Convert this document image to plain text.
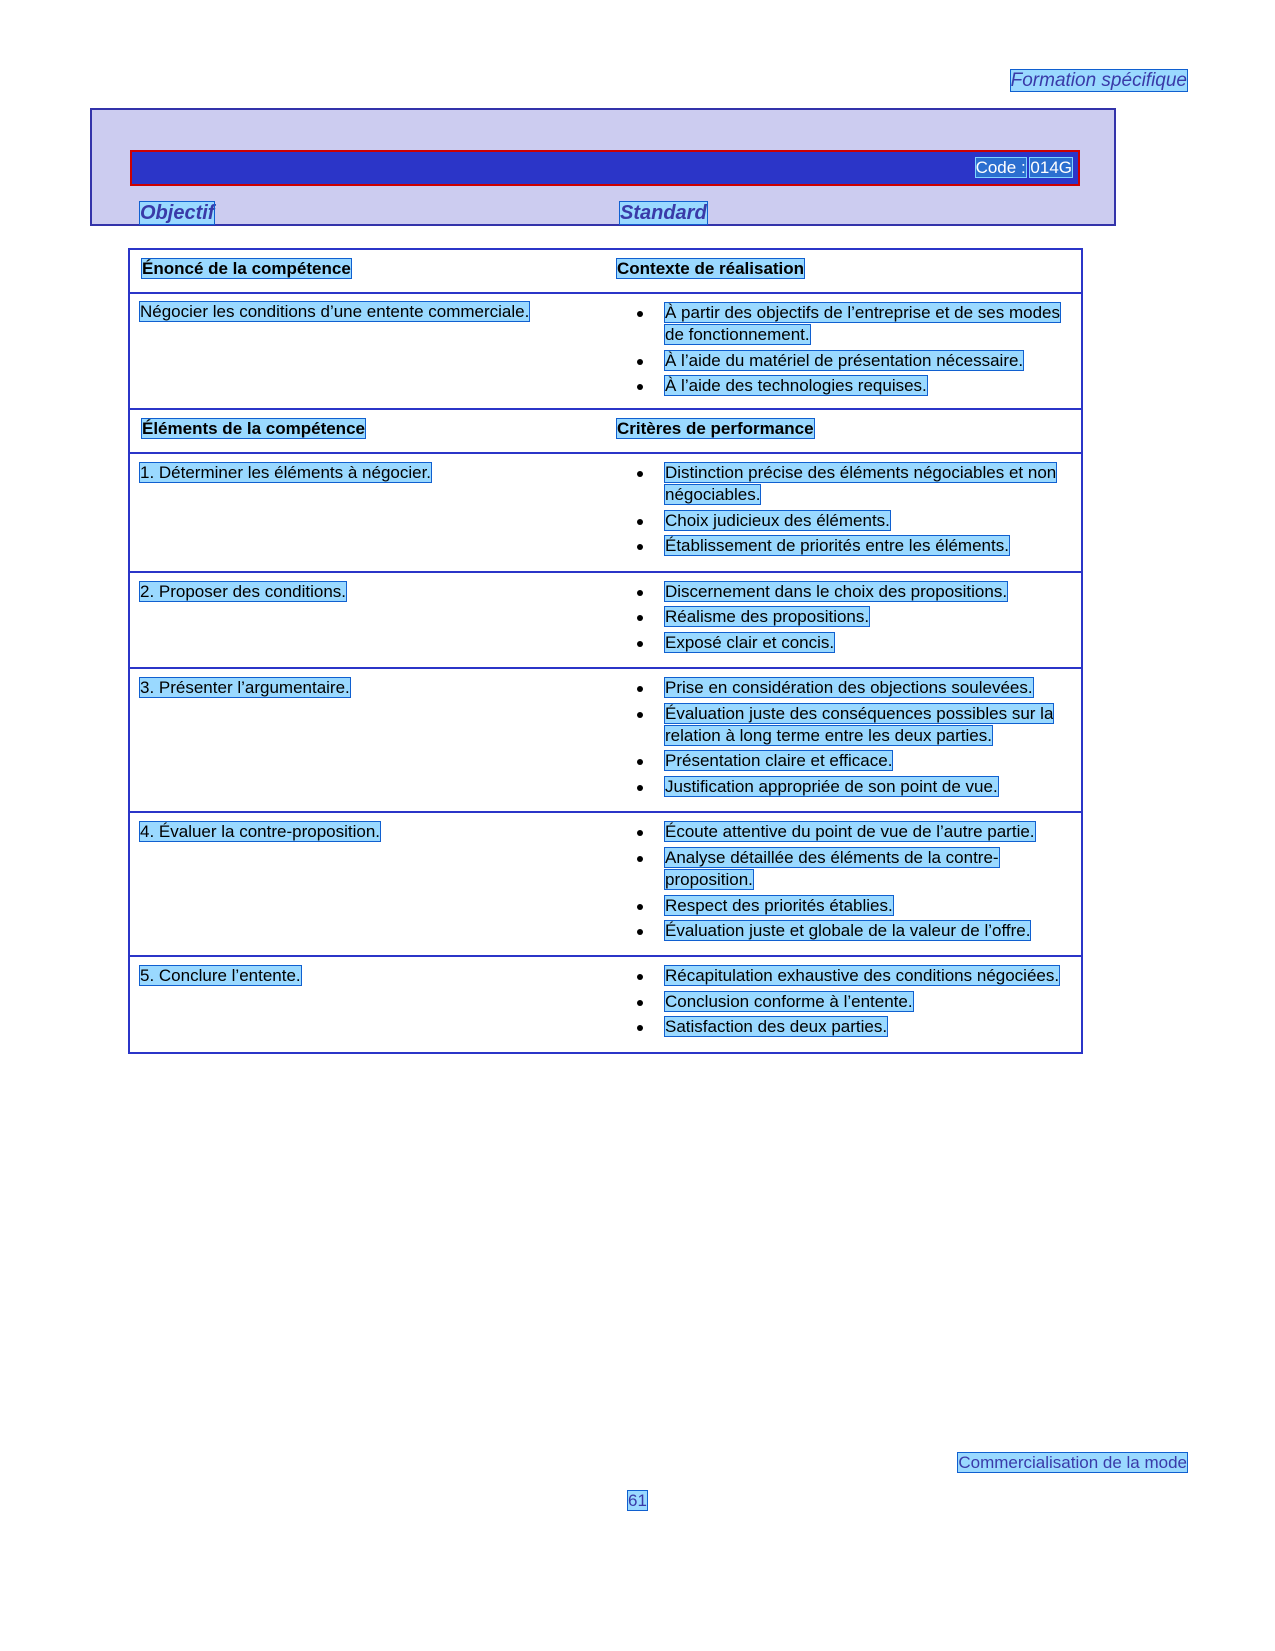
Formation spécifique
Code : 014G
Objectif	Standard
Énoncé de la compétence	Contexte de réalisation
Négocier les conditions d’une entente commerciale.	À partir des objectifs de l’entreprise et de ses modes de fonctionnement.
À l’aide du matériel de présentation nécessaire.
À l’aide des technologies requises.
Éléments de la compétence	Critères de performance
1. Déterminer les éléments à négocier.	Distinction précise des éléments négociables et non négociables.
Choix judicieux des éléments.
Établissement de priorités entre les éléments.
2. Proposer des conditions.	Discernement dans le choix des propositions.
Réalisme des propositions.
Exposé clair et concis.
3. Présenter l’argumentaire.	Prise en considération des objections soulevées.
Évaluation juste des conséquences possibles sur la relation à long terme entre les deux parties.
Présentation claire et efficace.
Justification appropriée de son point de vue.
4. Évaluer la contre-proposition.	Écoute attentive du point de vue de l’autre partie.
Analyse détaillée des éléments de la contre-proposition.
Respect des priorités établies.
Évaluation juste et globale de la valeur de l’offre.
5. Conclure l’entente.	Récapitulation exhaustive des conditions négociées.
Conclusion conforme à l’entente.
Satisfaction des deux parties.
Commercialisation de la mode
61
